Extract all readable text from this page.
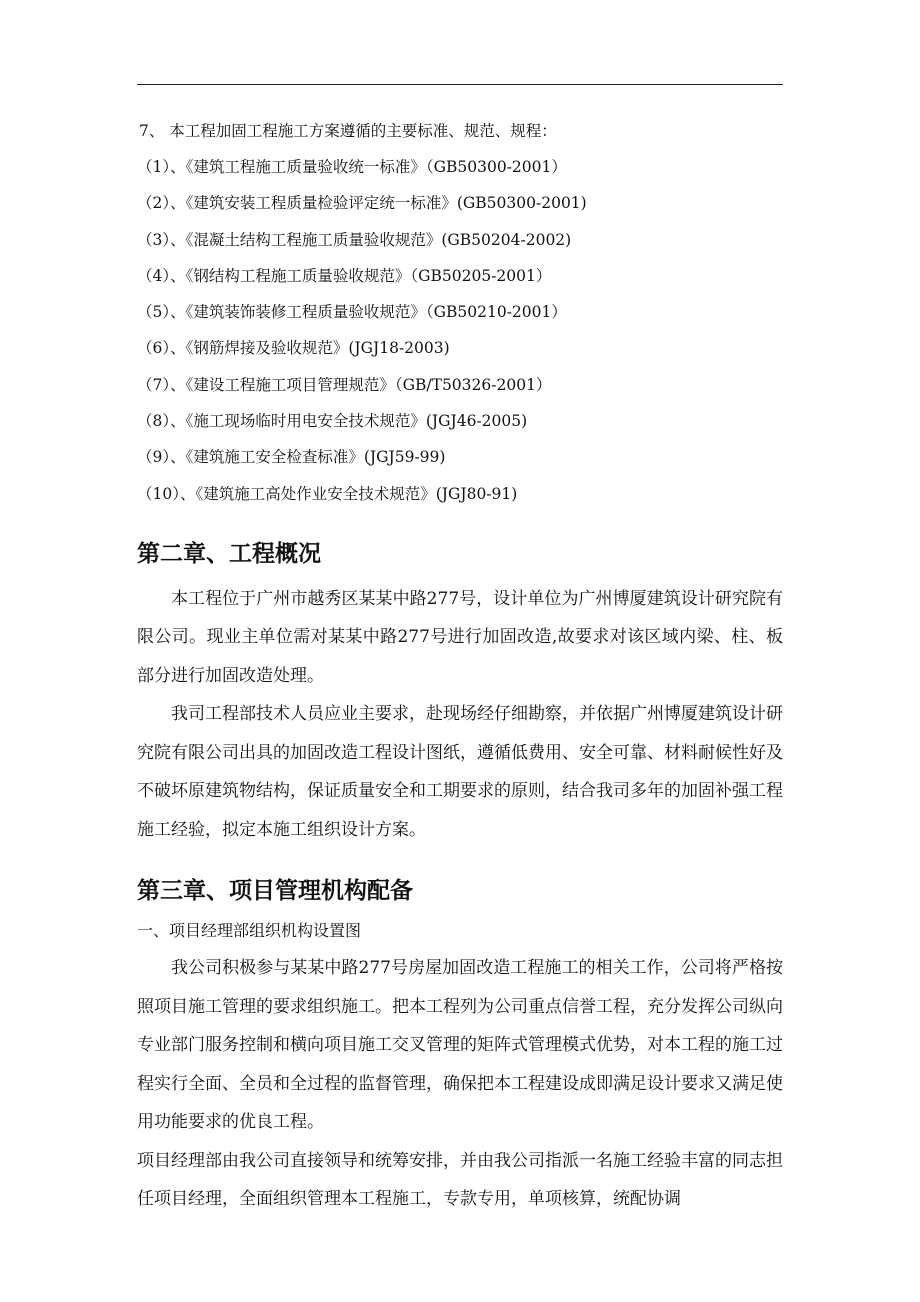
7、 本工程加固工程施工方案遵循的主要标准、规范、规程：
（1）、《建筑工程施工质量验收统一标准》（GB50300-2001）
（2）、《建筑安装工程质量检验评定统一标准》(GB50300-2001)
（3）、《混凝土结构工程施工质量验收规范》(GB50204-2002)
（4）、《钢结构工程施工质量验收规范》（GB50205-2001）
（5）、《建筑装饰装修工程质量验收规范》（GB50210-2001）
（6）、《钢筋焊接及验收规范》(JGJ18-2003)
（7）、《建设工程施工项目管理规范》（GB/T50326-2001）
（8）、《施工现场临时用电安全技术规范》(JGJ46-2005)
（9）、《建筑施工安全检查标准》(JGJ59-99)
（10）、《建筑施工高处作业安全技术规范》(JGJ80-91)
第二章、工程概况

本工程位于广州市越秀区某某中路277号，设计单位为广州博厦建筑设计研究院有限公司。现业主单位需对某某中路277号进行加固改造,故要求对该区域内梁、柱、板部分进行加固改造处理。

我司工程部技术人员应业主要求，赴现场经仔细勘察，并依据广州博厦建筑设计研究院有限公司出具的加固改造工程设计图纸，遵循低费用、安全可靠、材料耐候性好及不破坏原建筑物结构，保证质量安全和工期要求的原则，结合我司多年的加固补强工程施工经验，拟定本施工组织设计方案。

第三章、项目管理机构配备

一、项目经理部组织机构设置图

我公司积极参与某某中路277号房屋加固改造工程施工的相关工作，公司将严格按照项目施工管理的要求组织施工。把本工程列为公司重点信誉工程，充分发挥公司纵向专业部门服务控制和横向项目施工交叉管理的矩阵式管理模式优势，对本工程的施工过程实行全面、全员和全过程的监督管理，确保把本工程建设成即满足设计要求又满足使用功能要求的优良工程。

项目经理部由我公司直接领导和统筹安排，并由我公司指派一名施工经验丰富的同志担任项目经理，全面组织管理本工程施工，专款专用，单项核算，统配协调
